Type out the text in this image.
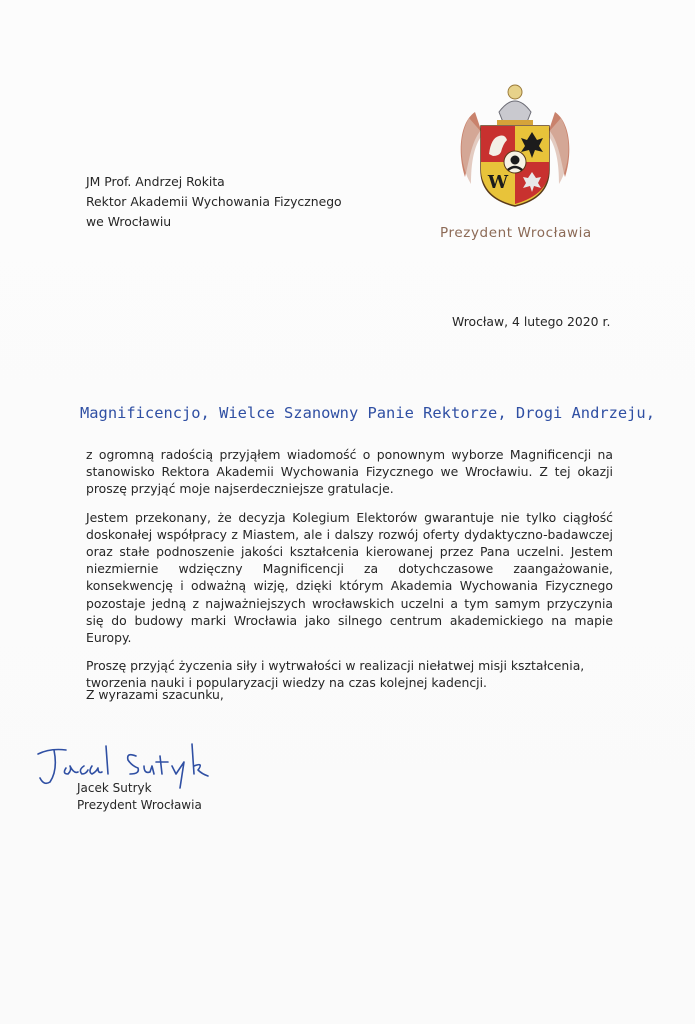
W
Prezydent Wrocławia
JM Prof. Andrzej Rokita
Rektor Akademii Wychowania Fizycznego
we Wrocławiu
Wrocław, 4 lutego 2020 r.
Magnificencjo, Wielce Szanowny Panie Rektorze, Drogi Andrzeju,

z ogromną radością przyjąłem wiadomość o ponownym wyborze Magnificencji na stanowisko Rektora Akademii Wychowania Fizycznego we Wrocławiu. Z tej okazji proszę przyjąć moje najserdeczniejsze gratulacje.

Jestem przekonany, że decyzja Kolegium Elektorów gwarantuje nie tylko ciągłość doskonałej współpracy z Miastem, ale i dalszy rozwój oferty dydaktyczno-badawczej oraz stałe podnoszenie jakości kształcenia kierowanej przez Pana uczelni. Jestem niezmiernie wdzięczny Magnificencji za dotychczasowe zaangażowanie, konsekwencję i odważną wizję, dzięki którym Akademia Wychowania Fizycznego pozostaje jedną z najważniejszych wrocławskich uczelni a tym samym przyczynia się do budowy marki Wrocławia jako silnego centrum akademickiego na mapie Europy.

Proszę przyjąć życzenia siły i wytrwałości w realizacji niełatwej misji kształcenia, tworzenia nauki i popularyzacji wiedzy na czas kolejnej kadencji.

Z wyrazami szacunku,
Jacek Sutryk
Prezydent Wrocławia
